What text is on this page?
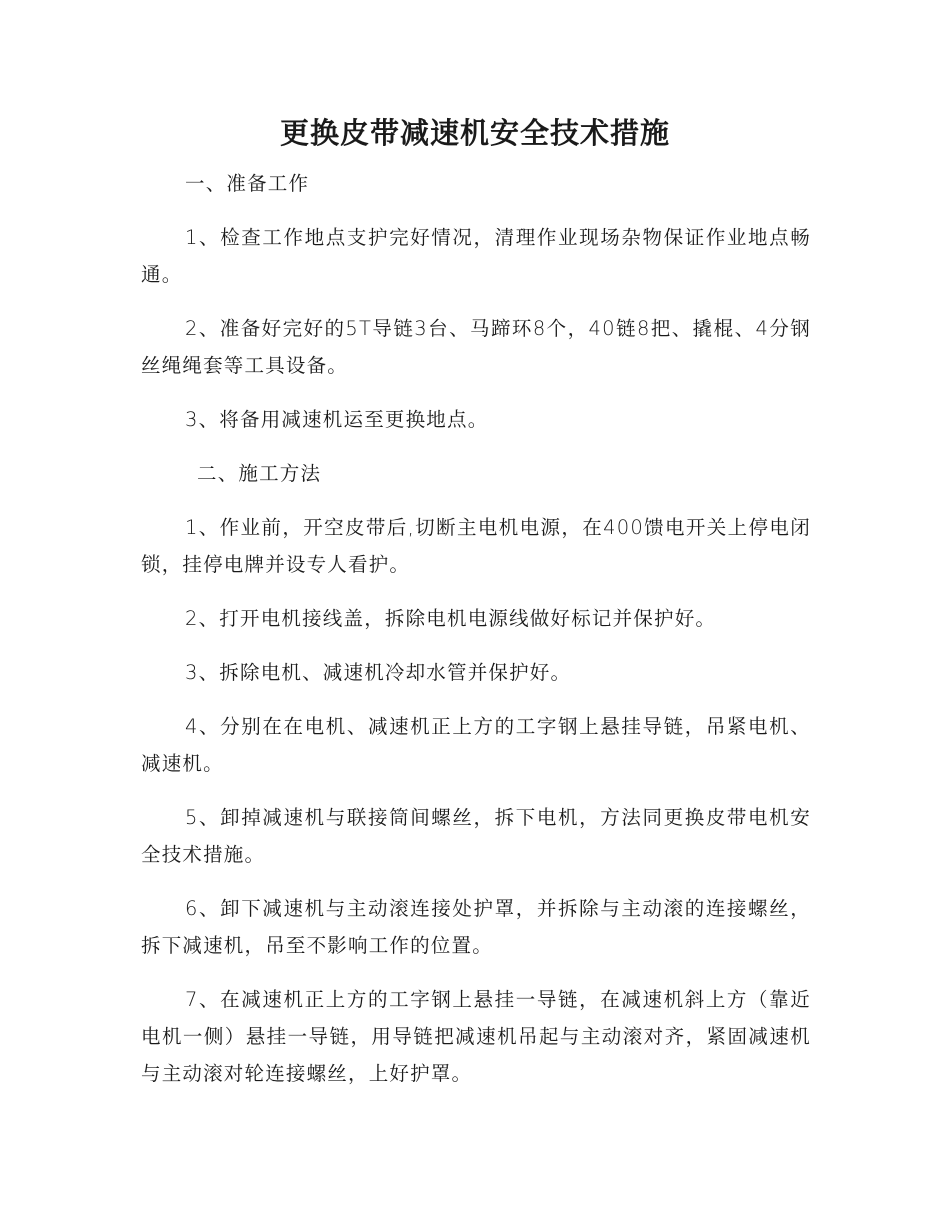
更换皮带减速机安全技术措施

一、准备工作

1、检查工作地点支护完好情况，清理作业现场杂物保证作业地点畅通。

2、准备好完好的5T导链3台、马蹄环8个，40链8把、撬棍、4分钢丝绳绳套等工具设备。

3、将备用减速机运至更换地点。

二、施工方法

1、作业前，开空皮带后,切断主电机电源，在400馈电开关上停电闭锁，挂停电牌并设专人看护。

2、打开电机接线盖，拆除电机电源线做好标记并保护好。

3、拆除电机、减速机冷却水管并保护好。

4、分别在在电机、减速机正上方的工字钢上悬挂导链，吊紧电机、减速机。

5、卸掉减速机与联接筒间螺丝，拆下电机，方法同更换皮带电机安全技术措施。

6、卸下减速机与主动滚连接处护罩，并拆除与主动滚的连接螺丝，拆下减速机，吊至不影响工作的位置。

7、在减速机正上方的工字钢上悬挂一导链，在减速机斜上方（靠近电机一侧）悬挂一导链，用导链把减速机吊起与主动滚对齐，紧固减速机与主动滚对轮连接螺丝，上好护罩。
